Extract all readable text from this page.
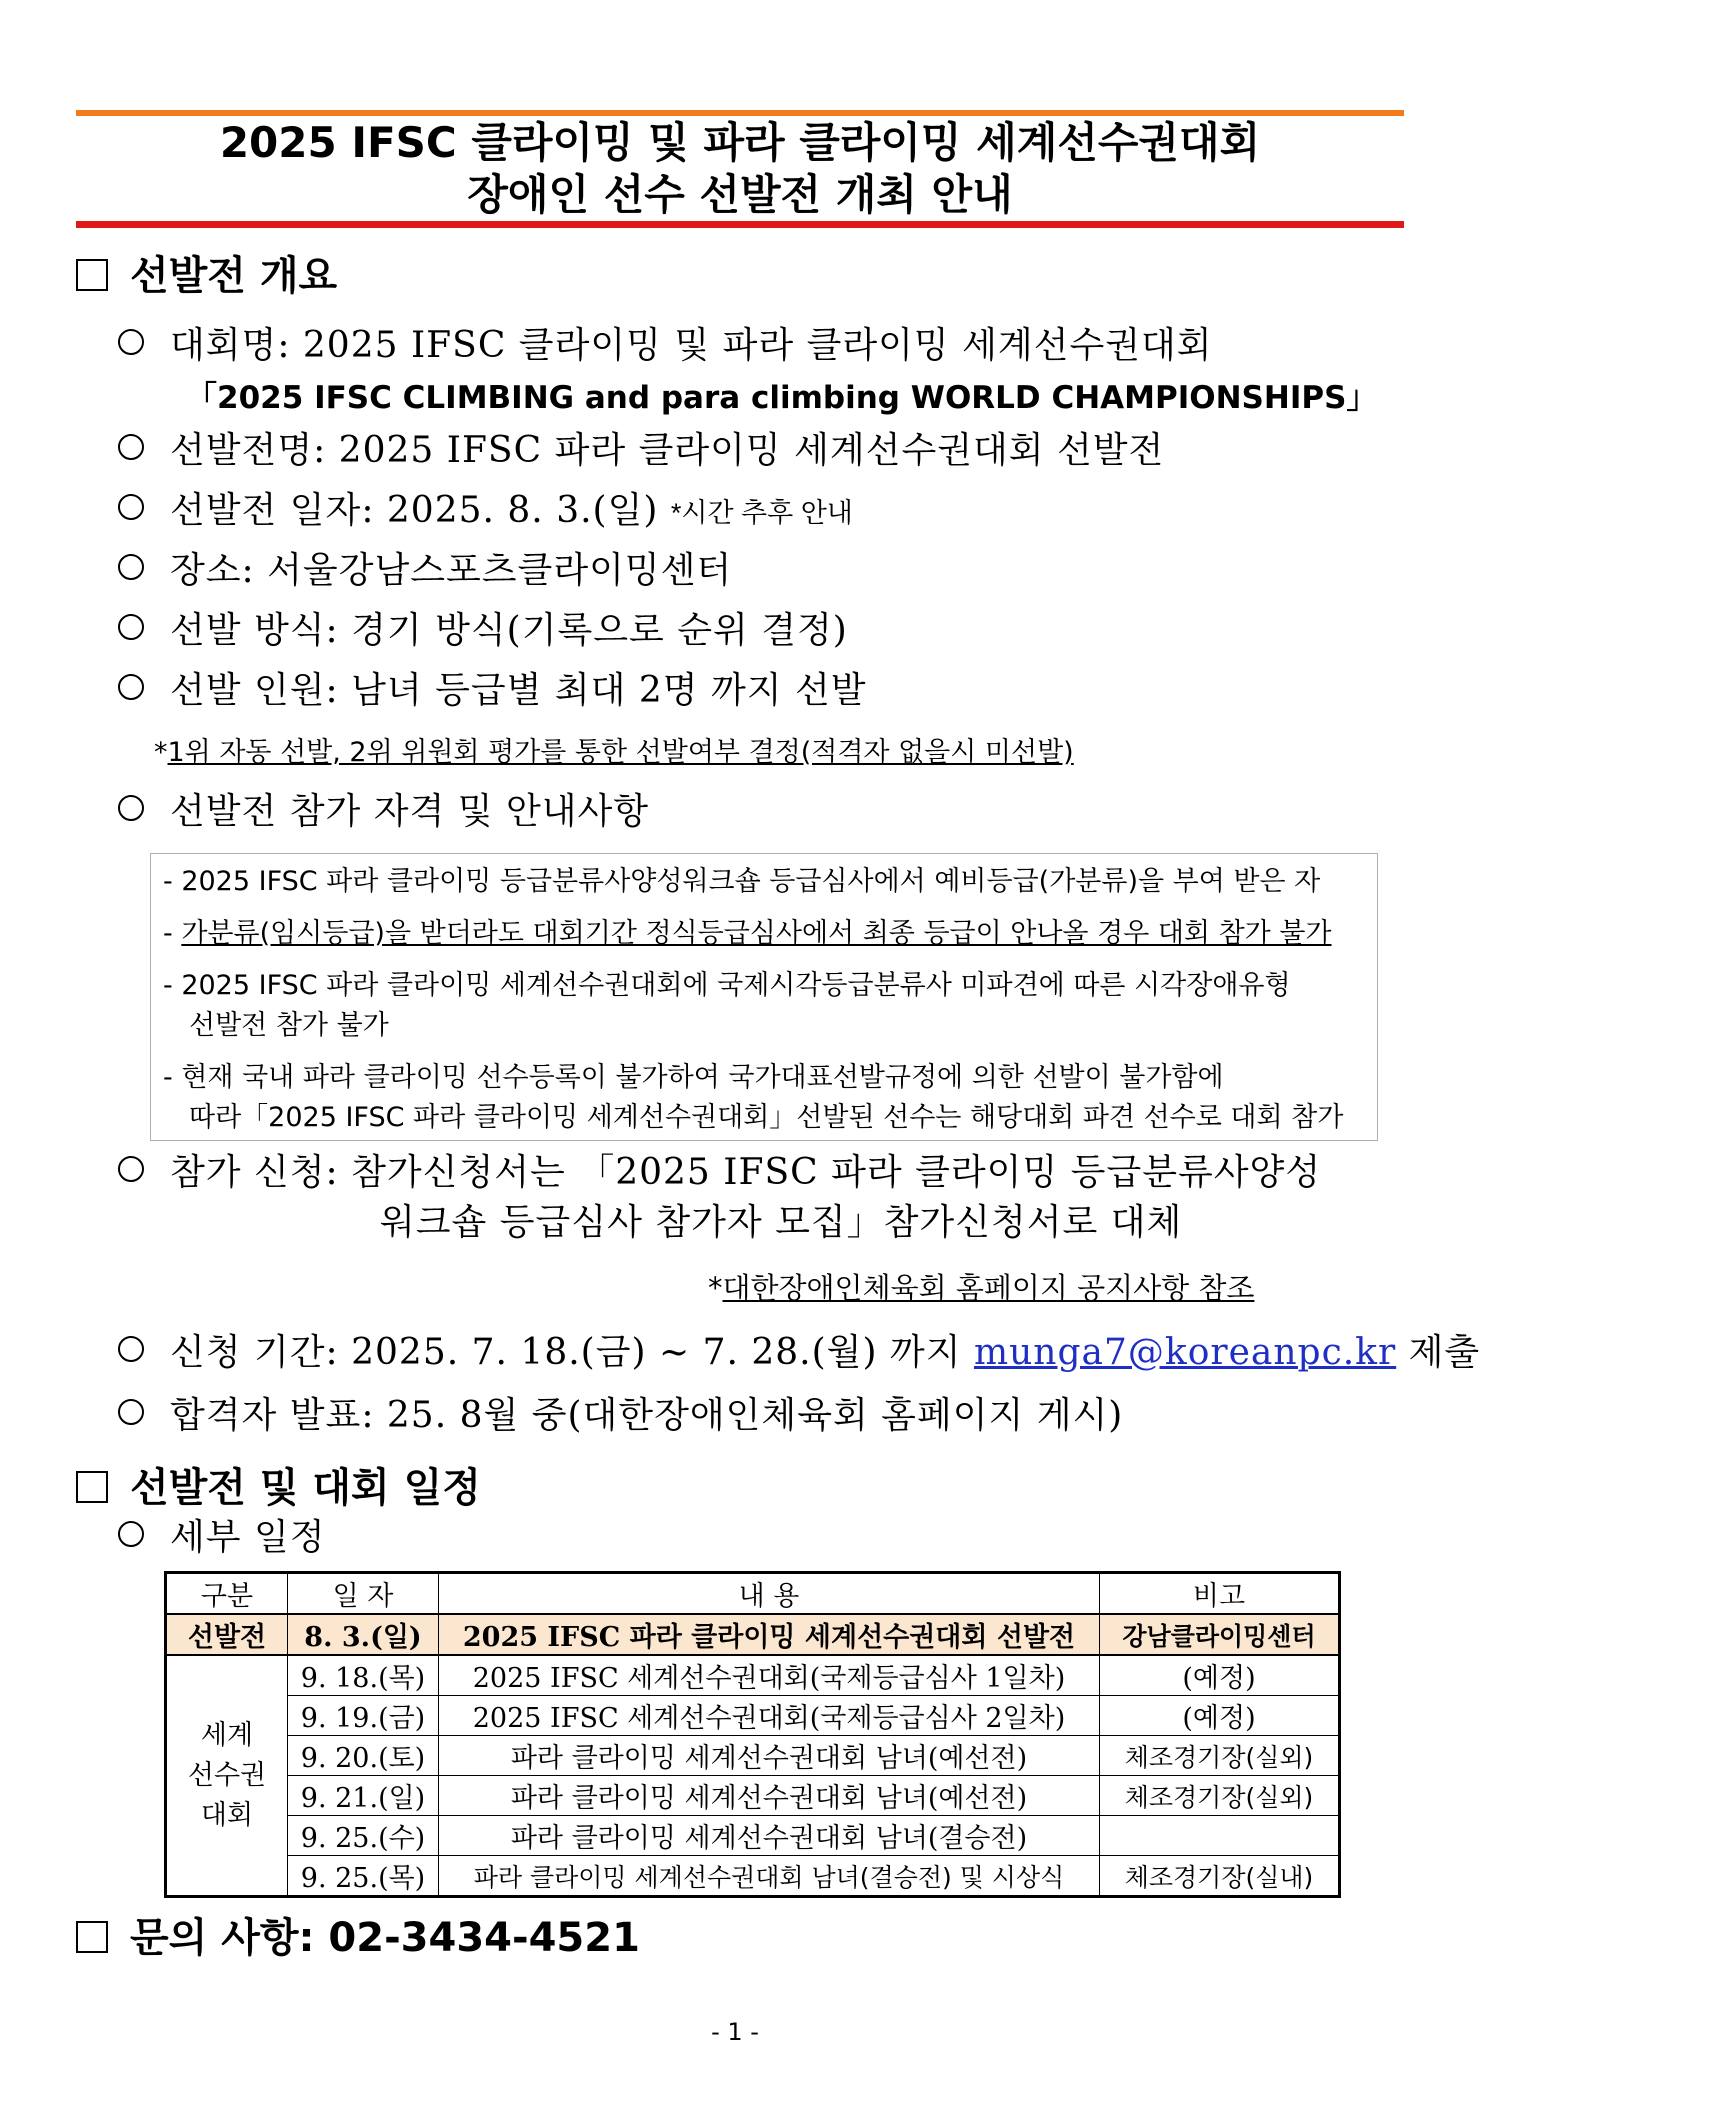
2025 IFSC 클라이밍 및 파라 클라이밍 세계선수권대회
장애인 선수 선발전 개최 안내
선발전 개요
대회명: 2025 IFSC 클라이밍 및 파라 클라이밍 세계선수권대회
「2025 IFSC CLIMBING and para climbing WORLD CHAMPIONSHIPS」
선발전명: 2025 IFSC 파라 클라이밍 세계선수권대회 선발전
선발전 일자: 2025. 8. 3.(일) *시간 추후 안내
장소: 서울강남스포츠클라이밍센터
선발 방식: 경기 방식(기록으로 순위 결정)
선발 인원: 남녀 등급별 최대 2명 까지 선발
*1위 자동 선발, 2위 위원회 평가를 통한 선발여부 결정(적격자 없을시 미선발)
선발전 참가 자격 및 안내사항
- 2025 IFSC 파라 클라이밍 등급분류사양성워크숍 등급심사에서 예비등급(가분류)을 부여 받은 자
- 가분류(임시등급)을 받더라도 대회기간 정식등급심사에서 최종 등급이 안나올 경우 대회 참가 불가
- 2025 IFSC 파라 클라이밍 세계선수권대회에 국제시각등급분류사 미파견에 따른 시각장애유형
선발전 참가 불가
- 현재 국내 파라 클라이밍 선수등록이 불가하여 국가대표선발규정에 의한 선발이 불가함에
따라「2025 IFSC 파라 클라이밍 세계선수권대회」선발된 선수는 해당대회 파견 선수로 대회 참가
참가 신청: 참가신청서는 「2025 IFSC 파라 클라이밍 등급분류사양성
워크숍 등급심사 참가자 모집」참가신청서로 대체
*대한장애인체육회 홈페이지 공지사항 참조
신청 기간: 2025. 7. 18.(금) ~ 7. 28.(월) 까지 munga7@koreanpc.kr 제출
합격자 발표: 25. 8월 중(대한장애인체육회 홈페이지 게시)
선발전 및 대회 일정
세부 일정
구분	일 자	내 용	비고
선발전	8. 3.(일)	2025 IFSC 파라 클라이밍 세계선수권대회 선발전	강남클라이밍센터

세계
선수권
대회	9. 18.(목)	2025 IFSC 세계선수권대회(국제등급심사 1일차)	(예정)
	9. 19.(금)	2025 IFSC 세계선수권대회(국제등급심사 2일차)	(예정)
	9. 20.(토)	파라 클라이밍 세계선수권대회 남녀(예선전)	체조경기장(실외)
	9. 21.(일)	파라 클라이밍 세계선수권대회 남녀(예선전)	체조경기장(실외)
	9. 25.(수)	파라 클라이밍 세계선수권대회 남녀(결승전)	
	9. 25.(목)	파라 클라이밍 세계선수권대회 남녀(결승전) 및 시상식	체조경기장(실내)
문의 사항: 02-3434-4521
- 1 -
